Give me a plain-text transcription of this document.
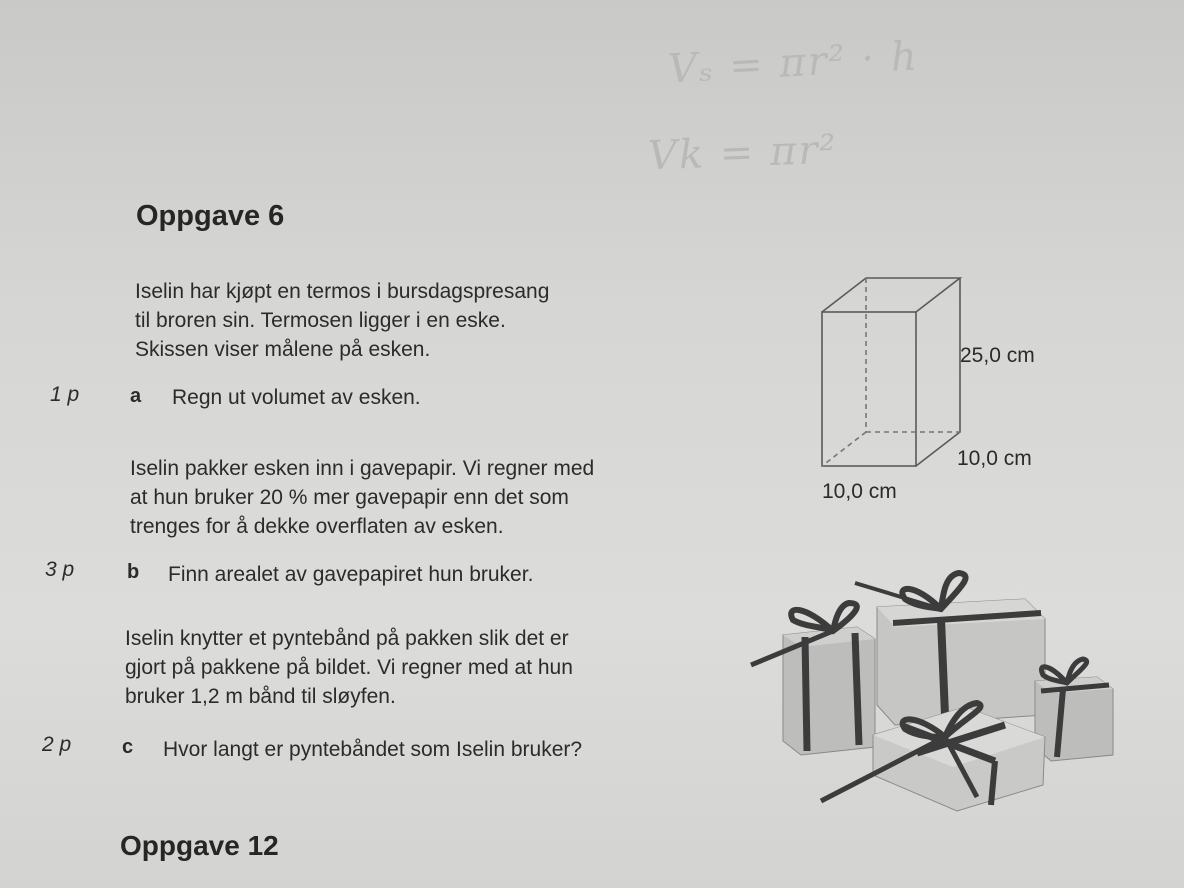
Vₛ = πr² · h
Vk = πr²
Oppgave 6

Iselin har kjøpt en termos i bursdagspresang
til broren sin. Termosen ligger i en eske.
Skissen viser målene på esken.

1 p	a Regn ut volumet av esken.

Iselin pakker esken inn i gavepapir. Vi regner med
at hun bruker 20 % mer gavepapir enn det som
trenges for å dekke overflaten av esken.

3 p	b Finn arealet av gavepapiret hun bruker.

Iselin knytter et pyntebånd på pakken slik det er
gjort på pakkene på bildet. Vi regner med at hun
bruker 1,2 m bånd til sløyfen.

2 p	c Hvor langt er pyntebåndet som Iselin bruker?
Oppgave 12
25,0 cm
10,0 cm
10,0 cm
